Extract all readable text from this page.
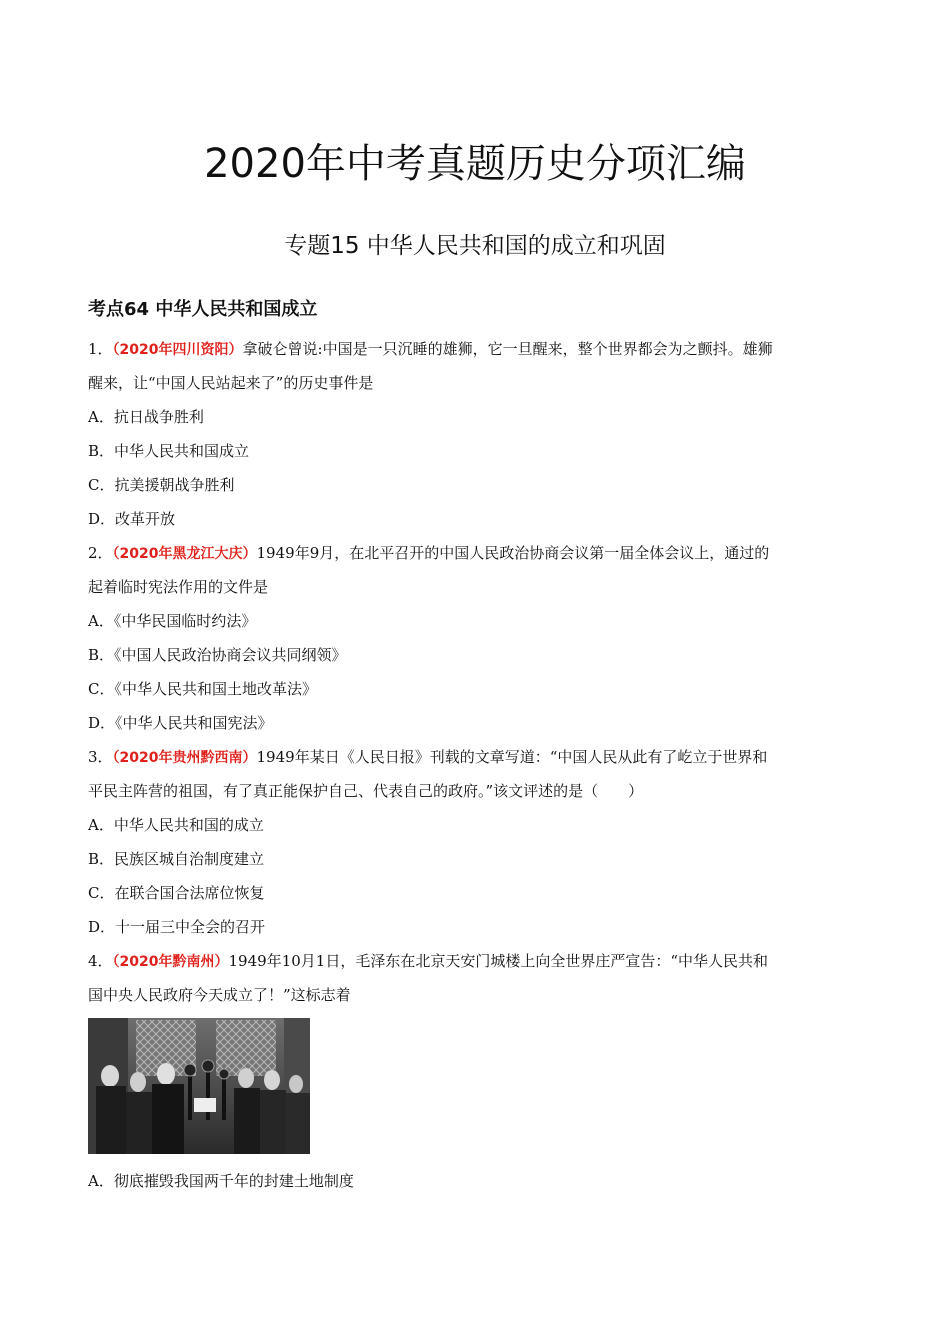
2020年中考真题历史分项汇编
专题15 中华人民共和国的成立和巩固
考点64 中华人民共和国成立
1．（2020年四川资阳）拿破仑曾说:中国是一只沉睡的雄狮，它一旦醒来，整个世界都会为之颤抖。雄狮
醒来，让“中国人民站起来了”的历史事件是
A．抗日战争胜利
B．中华人民共和国成立
C．抗美援朝战争胜利
D．改革开放
2．（2020年黑龙江大庆）1949年9月，在北平召开的中国人民政治协商会议第一届全体会议上，通过的
起着临时宪法作用的文件是
A．《中华民国临时约法》
B．《中国人民政治协商会议共同纲领》
C．《中华人民共和国土地改革法》
D．《中华人民共和国宪法》
3．（2020年贵州黔西南）1949年某日《人民日报》刊载的文章写道：“中国人民从此有了屹立于世界和
平民主阵营的祖国，有了真正能保护自己、代表自己的政府。”该文评述的是（　　）
A．中华人民共和国的成立
B．民族区城自治制度建立
C．在联合国合法席位恢复
D．十一届三中全会的召开
4．（2020年黔南州）1949年10月1日，毛泽东在北京天安门城楼上向全世界庄严宣告：“中华人民共和
国中央人民政府今天成立了！”这标志着
A．彻底摧毁我国两千年的封建土地制度
